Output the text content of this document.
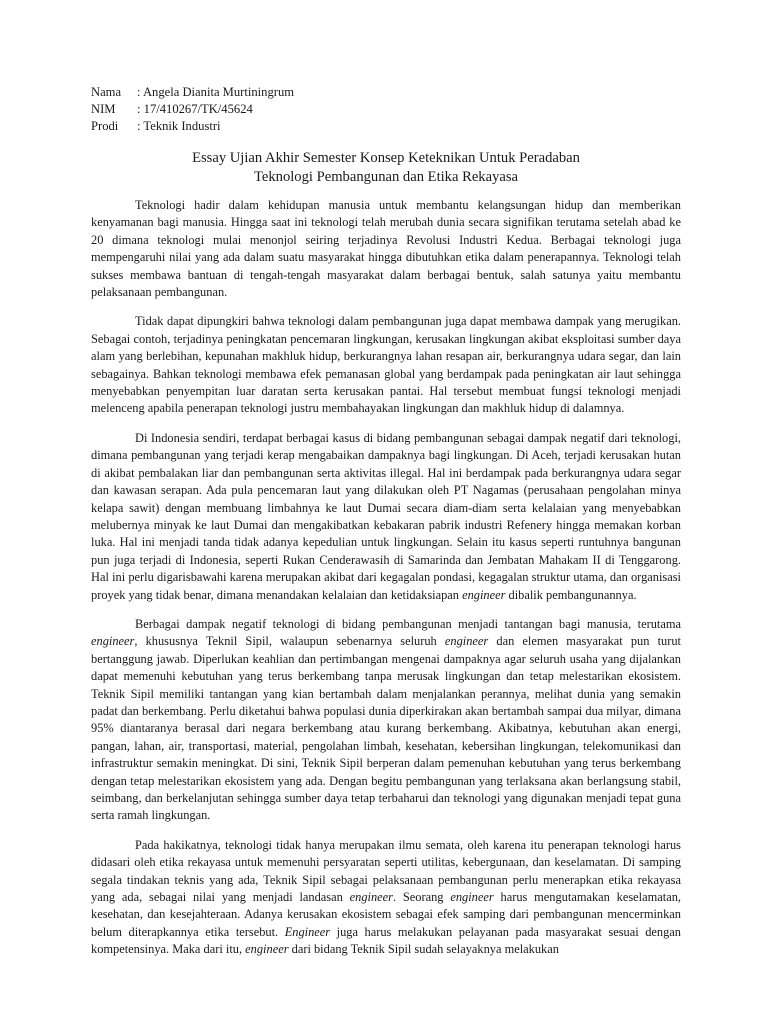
Nama	: Angela Dianita Murtiningrum
NIM	: 17/410267/TK/45624
Prodi	: Teknik Industri
Essay Ujian Akhir Semester Konsep Keteknikan Untuk Peradaban
Teknologi Pembangunan dan Etika Rekayasa

Teknologi hadir dalam kehidupan manusia untuk membantu kelangsungan hidup dan memberikan kenyamanan bagi manusia. Hingga saat ini teknologi telah merubah dunia secara signifikan terutama setelah abad ke 20 dimana teknologi mulai menonjol seiring terjadinya Revolusi Industri Kedua. Berbagai teknologi juga mempengaruhi nilai yang ada dalam suatu masyarakat hingga dibutuhkan etika dalam penerapannya. Teknologi telah sukses membawa bantuan di tengah-tengah masyarakat dalam berbagai bentuk, salah satunya yaitu membantu pelaksanaan pembangunan.

Tidak dapat dipungkiri bahwa teknologi dalam pembangunan juga dapat membawa dampak yang merugikan. Sebagai contoh, terjadinya peningkatan pencemaran lingkungan, kerusakan lingkungan akibat eksploitasi sumber daya alam yang berlebihan, kepunahan makhluk hidup, berkurangnya lahan resapan air, berkurangnya udara segar, dan lain sebagainya. Bahkan teknologi membawa efek pemanasan global yang berdampak pada peningkatan air laut sehingga menyebabkan penyempitan luar daratan serta kerusakan pantai. Hal tersebut membuat fungsi teknologi menjadi melenceng apabila penerapan teknologi justru membahayakan lingkungan dan makhluk hidup di dalamnya.

Di Indonesia sendiri, terdapat berbagai kasus di bidang pembangunan sebagai dampak negatif dari teknologi, dimana pembangunan yang terjadi kerap mengabaikan dampaknya bagi lingkungan. Di Aceh, terjadi kerusakan hutan di akibat pembalakan liar dan pembangunan serta aktivitas illegal. Hal ini berdampak pada berkurangnya udara segar dan kawasan serapan. Ada pula pencemaran laut yang dilakukan oleh PT Nagamas (perusahaan pengolahan minya kelapa sawit) dengan membuang limbahnya ke laut Dumai secara diam-diam serta kelalaian yang menyebabkan melubernya minyak ke laut Dumai dan mengakibatkan kebakaran pabrik industri Refenery hingga memakan korban luka. Hal ini menjadi tanda tidak adanya kepedulian untuk lingkungan. Selain itu kasus seperti runtuhnya bangunan pun juga terjadi di Indonesia, seperti Rukan Cenderawasih di Samarinda dan Jembatan Mahakam II di Tenggarong. Hal ini perlu digarisbawahi karena merupakan akibat dari kegagalan pondasi, kegagalan struktur utama, dan organisasi proyek yang tidak benar, dimana menandakan kelalaian dan ketidaksiapan engineer dibalik pembangunannya.

Berbagai dampak negatif teknologi di bidang pembangunan menjadi tantangan bagi manusia, terutama engineer, khususnya Teknil Sipil, walaupun sebenarnya seluruh engineer dan elemen masyarakat pun turut bertanggung jawab. Diperlukan keahlian dan pertimbangan mengenai dampaknya agar seluruh usaha yang dijalankan dapat memenuhi kebutuhan yang terus berkembang tanpa merusak lingkungan dan tetap melestarikan ekosistem. Teknik Sipil memiliki tantangan yang kian bertambah dalam menjalankan perannya, melihat dunia yang semakin padat dan berkembang. Perlu diketahui bahwa populasi dunia diperkirakan akan bertambah sampai dua milyar, dimana 95% diantaranya berasal dari negara berkembang atau kurang berkembang. Akibatnya, kebutuhan akan energi, pangan, lahan, air, transportasi, material, pengolahan limbah, kesehatan, kebersihan lingkungan, telekomunikasi dan infrastruktur semakin meningkat. Di sini, Teknik Sipil berperan dalam pemenuhan kebutuhan yang terus berkembang dengan tetap melestarikan ekosistem yang ada. Dengan begitu pembangunan yang terlaksana akan berlangsung stabil, seimbang, dan berkelanjutan sehingga sumber daya tetap terbaharui dan teknologi yang digunakan menjadi tepat guna serta ramah lingkungan.

Pada hakikatnya, teknologi tidak hanya merupakan ilmu semata, oleh karena itu penerapan teknologi harus didasari oleh etika rekayasa untuk memenuhi persyaratan seperti utilitas, kebergunaan, dan keselamatan. Di samping segala tindakan teknis yang ada, Teknik Sipil sebagai pelaksanaan pembangunan perlu menerapkan etika rekayasa yang ada, sebagai nilai yang menjadi landasan engineer. Seorang engineer harus mengutamakan keselamatan, kesehatan, dan kesejahteraan. Adanya kerusakan ekosistem sebagai efek samping dari pembangunan mencerminkan belum diterapkannya etika tersebut. Engineer juga harus melakukan pelayanan pada masyarakat sesuai dengan kompetensinya. Maka dari itu, engineer dari bidang Teknik Sipil sudah selayaknya melakukan
